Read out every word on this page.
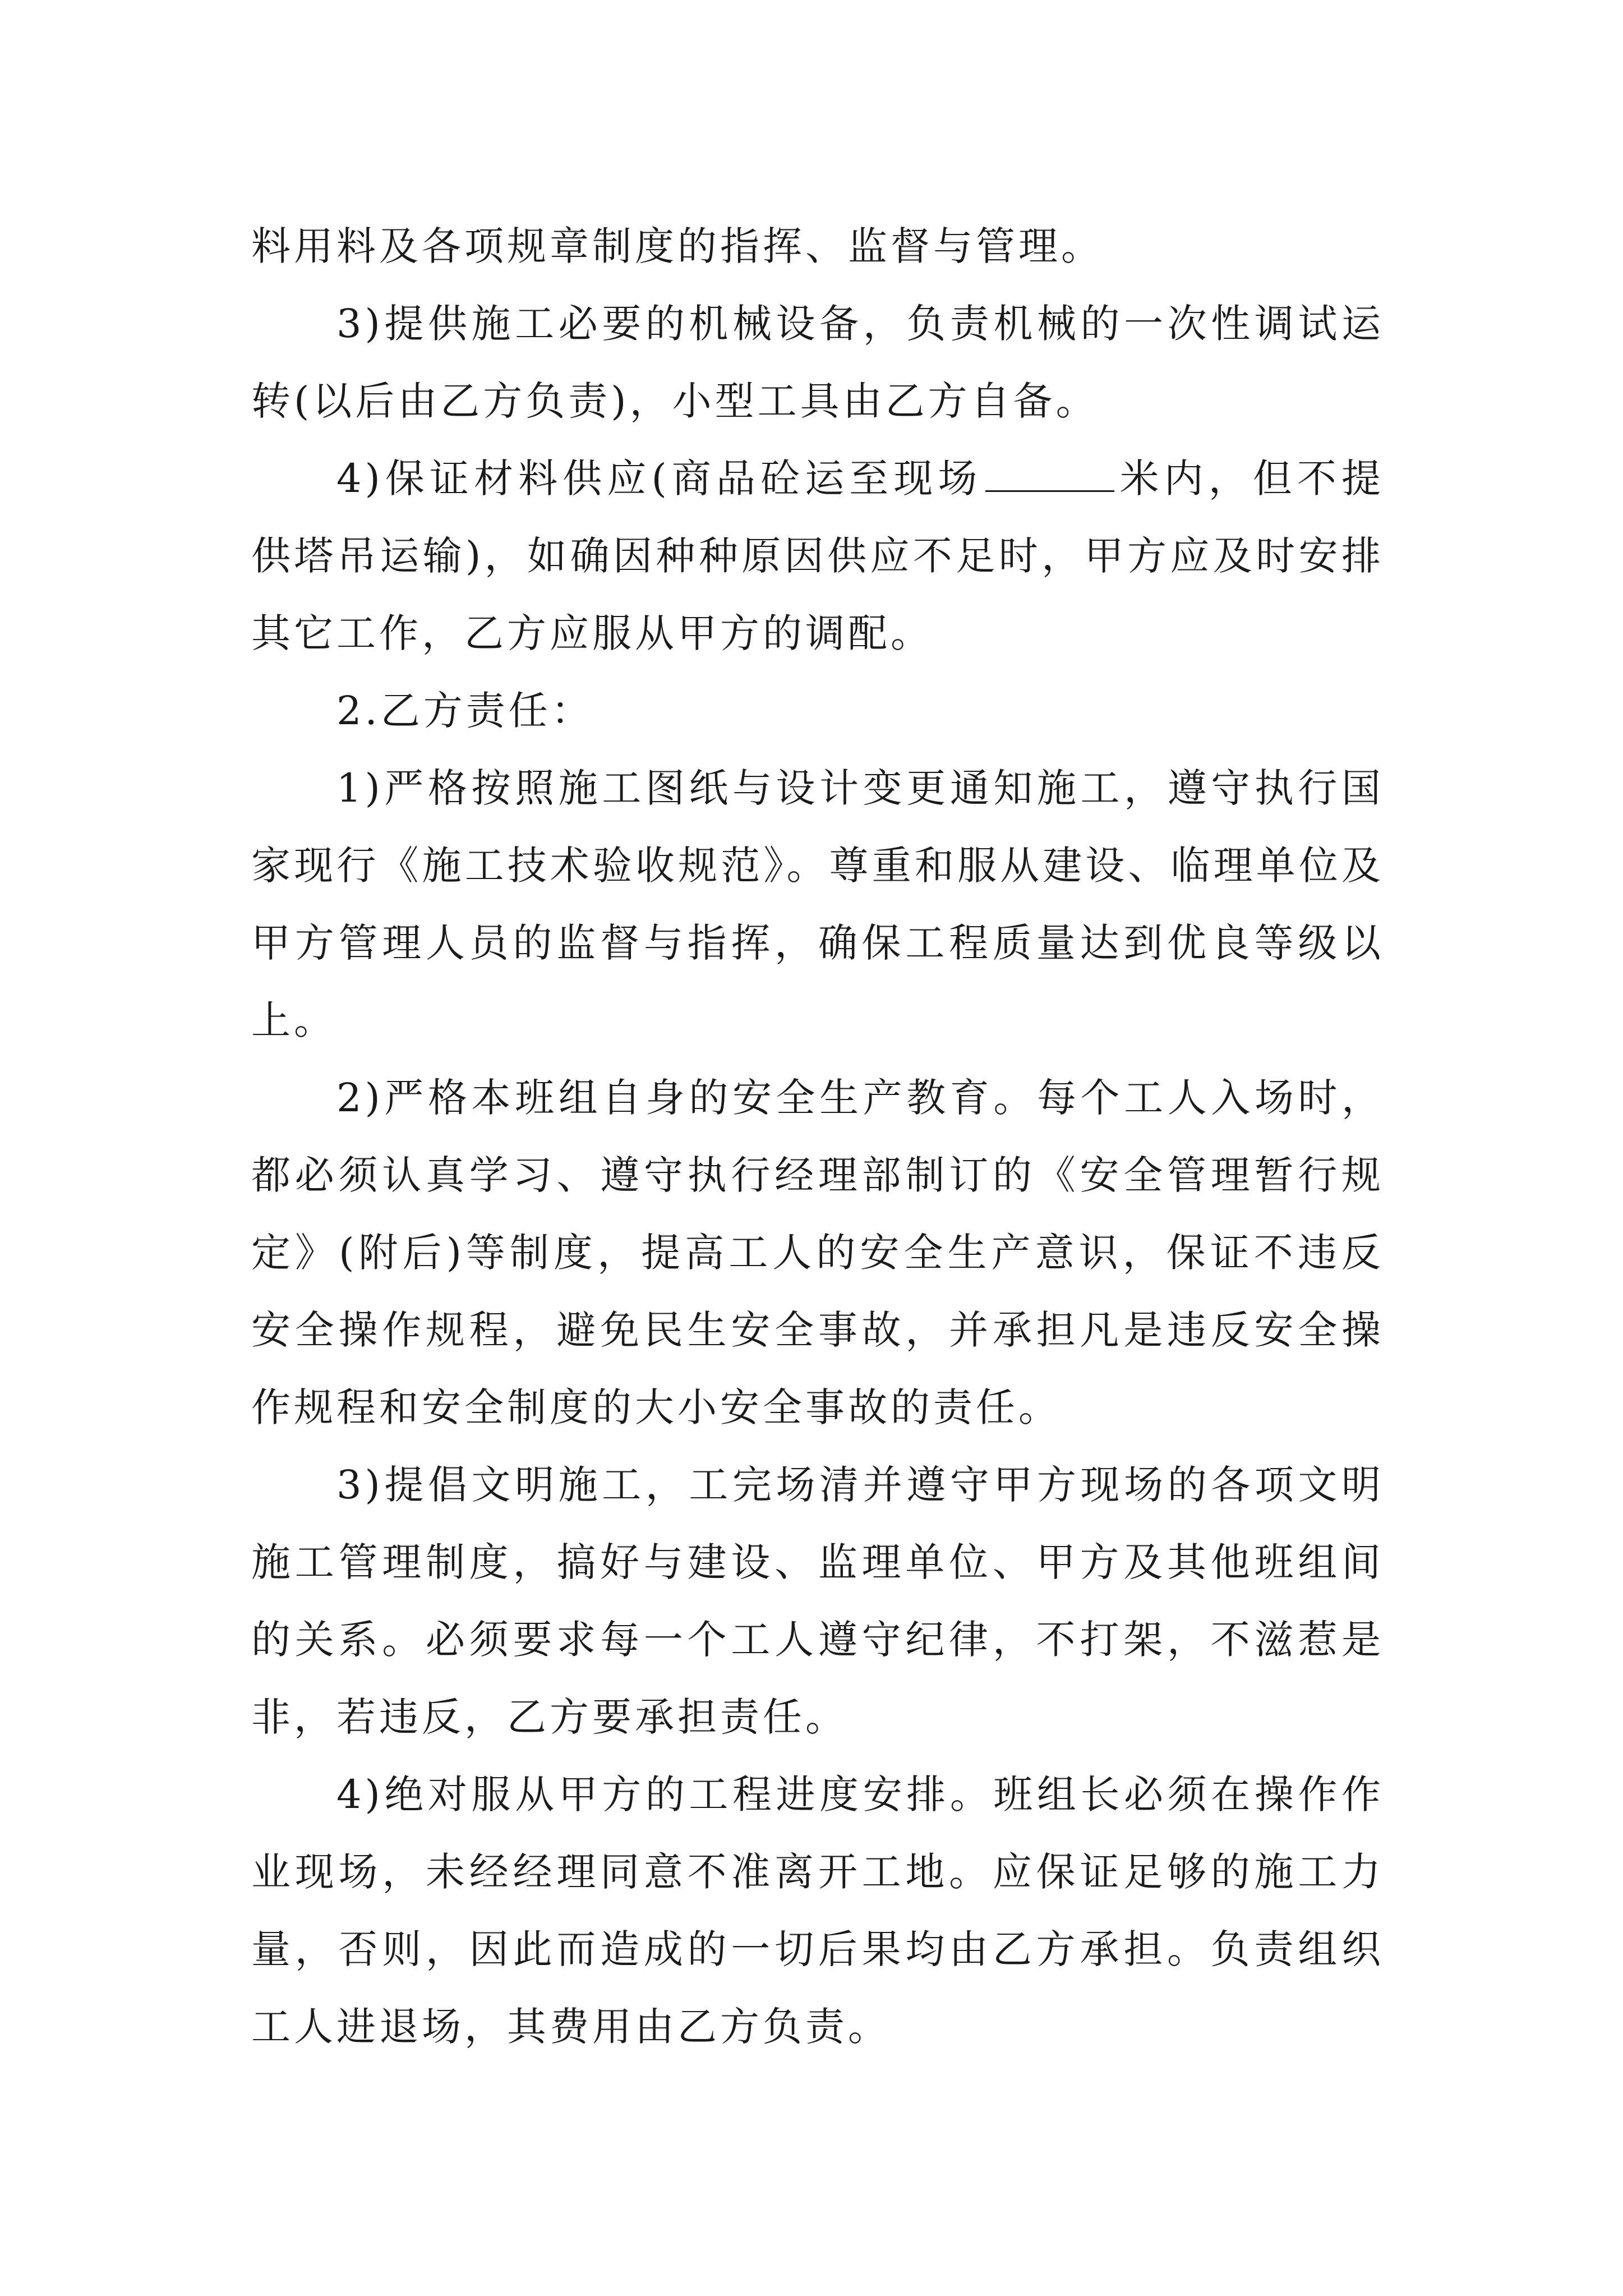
料用料及各项规章制度的指挥、监督与管理。

3)提供施工必要的机械设备，负责机械的一次性调试运转(以后由乙方负责)，小型工具由乙方自备。

4)保证材料供应(商品砼运至现场	米内，但不提供塔吊运输)，如确因种种原因供应不足时，甲方应及时安排其它工作，乙方应服从甲方的调配。

2.乙方责任：

1)严格按照施工图纸与设计变更通知施工，遵守执行国家现行《施工技术验收规范》。尊重和服从建设、临理单位及甲方管理人员的监督与指挥，确保工程质量达到优良等级以上。

2)严格本班组自身的安全生产教育。每个工人入场时，都必须认真学习、遵守执行经理部制订的《安全管理暂行规定》(附后)等制度，提高工人的安全生产意识，保证不违反安全操作规程，避免民生安全事故，并承担凡是违反安全操作规程和安全制度的大小安全事故的责任。

3)提倡文明施工，工完场清并遵守甲方现场的各项文明施工管理制度，搞好与建设、监理单位、甲方及其他班组间的关系。必须要求每一个工人遵守纪律，不打架，不滋惹是非，若违反，乙方要承担责任。

4)绝对服从甲方的工程进度安排。班组长必须在操作作业现场，未经经理同意不准离开工地。应保证足够的施工力量，否则，因此而造成的一切后果均由乙方承担。负责组织工人进退场，其费用由乙方负责。
